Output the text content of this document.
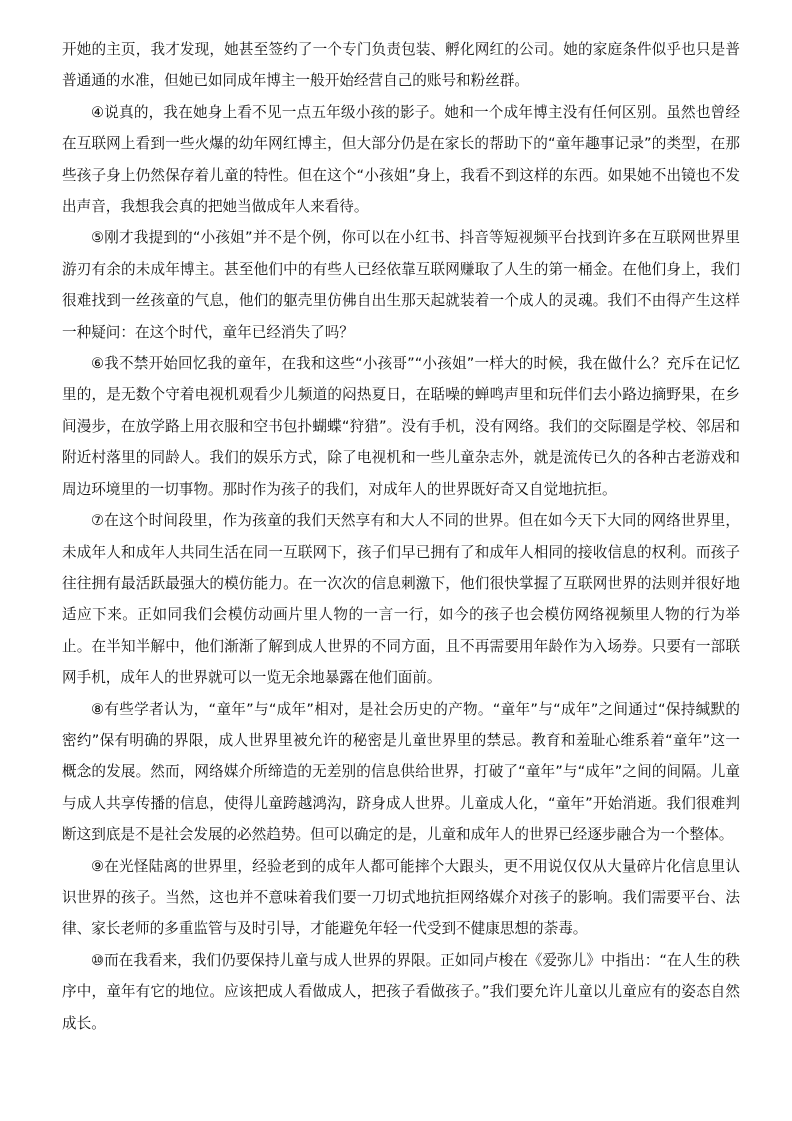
开她的主页，我才发现，她甚至签约了一个专门负责包装、孵化网红的公司。她的家庭条件似乎也只是普普通通的水准，但她已如同成年博主一般开始经营自己的账号和粉丝群。

④说真的，我在她身上看不见一点五年级小孩的影子。她和一个成年博主没有任何区别。虽然也曾经在互联网上看到一些火爆的幼年网红博主，但大部分仍是在家长的帮助下的“童年趣事记录”的类型，在那些孩子身上仍然保存着儿童的特性。但在这个“小孩姐”身上，我看不到这样的东西。如果她不出镜也不发出声音，我想我会真的把她当做成年人来看待。

⑤刚才我提到的“小孩姐”并不是个例，你可以在小红书、抖音等短视频平台找到许多在互联网世界里游刃有余的未成年博主。甚至他们中的有些人已经依靠互联网赚取了人生的第一桶金。在他们身上，我们很难找到一丝孩童的气息，他们的躯壳里仿佛自出生那天起就装着一个成人的灵魂。我们不由得产生这样一种疑问：在这个时代，童年已经消失了吗？

⑥我不禁开始回忆我的童年，在我和这些“小孩哥”“小孩姐”一样大的时候，我在做什么？充斥在记忆里的，是无数个守着电视机观看少儿频道的闷热夏日，在聒噪的蝉鸣声里和玩伴们去小路边摘野果，在乡间漫步，在放学路上用衣服和空书包扑蝴蝶“狩猎”。没有手机，没有网络。我们的交际圈是学校、邻居和附近村落里的同龄人。我们的娱乐方式，除了电视机和一些儿童杂志外，就是流传已久的各种古老游戏和周边环境里的一切事物。那时作为孩子的我们，对成年人的世界既好奇又自觉地抗拒。

⑦在这个时间段里，作为孩童的我们天然享有和大人不同的世界。但在如今天下大同的网络世界里，未成年人和成年人共同生活在同一互联网下，孩子们早已拥有了和成年人相同的接收信息的权利。而孩子往往拥有最活跃最强大的模仿能力。在一次次的信息刺激下，他们很快掌握了互联网世界的法则并很好地适应下来。正如同我们会模仿动画片里人物的一言一行，如今的孩子也会模仿网络视频里人物的行为举止。在半知半解中，他们渐渐了解到成人世界的不同方面，且不再需要用年龄作为入场券。只要有一部联网手机，成年人的世界就可以一览无余地暴露在他们面前。

⑧有些学者认为，“童年”与“成年”相对，是社会历史的产物。“童年”与“成年”之间通过“保持缄默的密约”保有明确的界限，成人世界里被允许的秘密是儿童世界里的禁忌。教育和羞耻心维系着“童年”这一概念的发展。然而，网络媒介所缔造的无差别的信息供给世界，打破了“童年”与“成年”之间的间隔。儿童与成人共享传播的信息，使得儿童跨越鸿沟，跻身成人世界。儿童成人化，“童年”开始消逝。我们很难判断这到底是不是社会发展的必然趋势。但可以确定的是，儿童和成年人的世界已经逐步融合为一个整体。

⑨在光怪陆离的世界里，经验老到的成年人都可能摔个大跟头，更不用说仅仅从大量碎片化信息里认识世界的孩子。当然，这也并不意味着我们要一刀切式地抗拒网络媒介对孩子的影响。我们需要平台、法律、家长老师的多重监管与及时引导，才能避免年轻一代受到不健康思想的荼毒。

⑩而在我看来，我们仍要保持儿童与成人世界的界限。正如同卢梭在《爱弥儿》中指出：“在人生的秩序中，童年有它的地位。应该把成人看做成人，把孩子看做孩子。”我们要允许儿童以儿童应有的姿态自然成长。
